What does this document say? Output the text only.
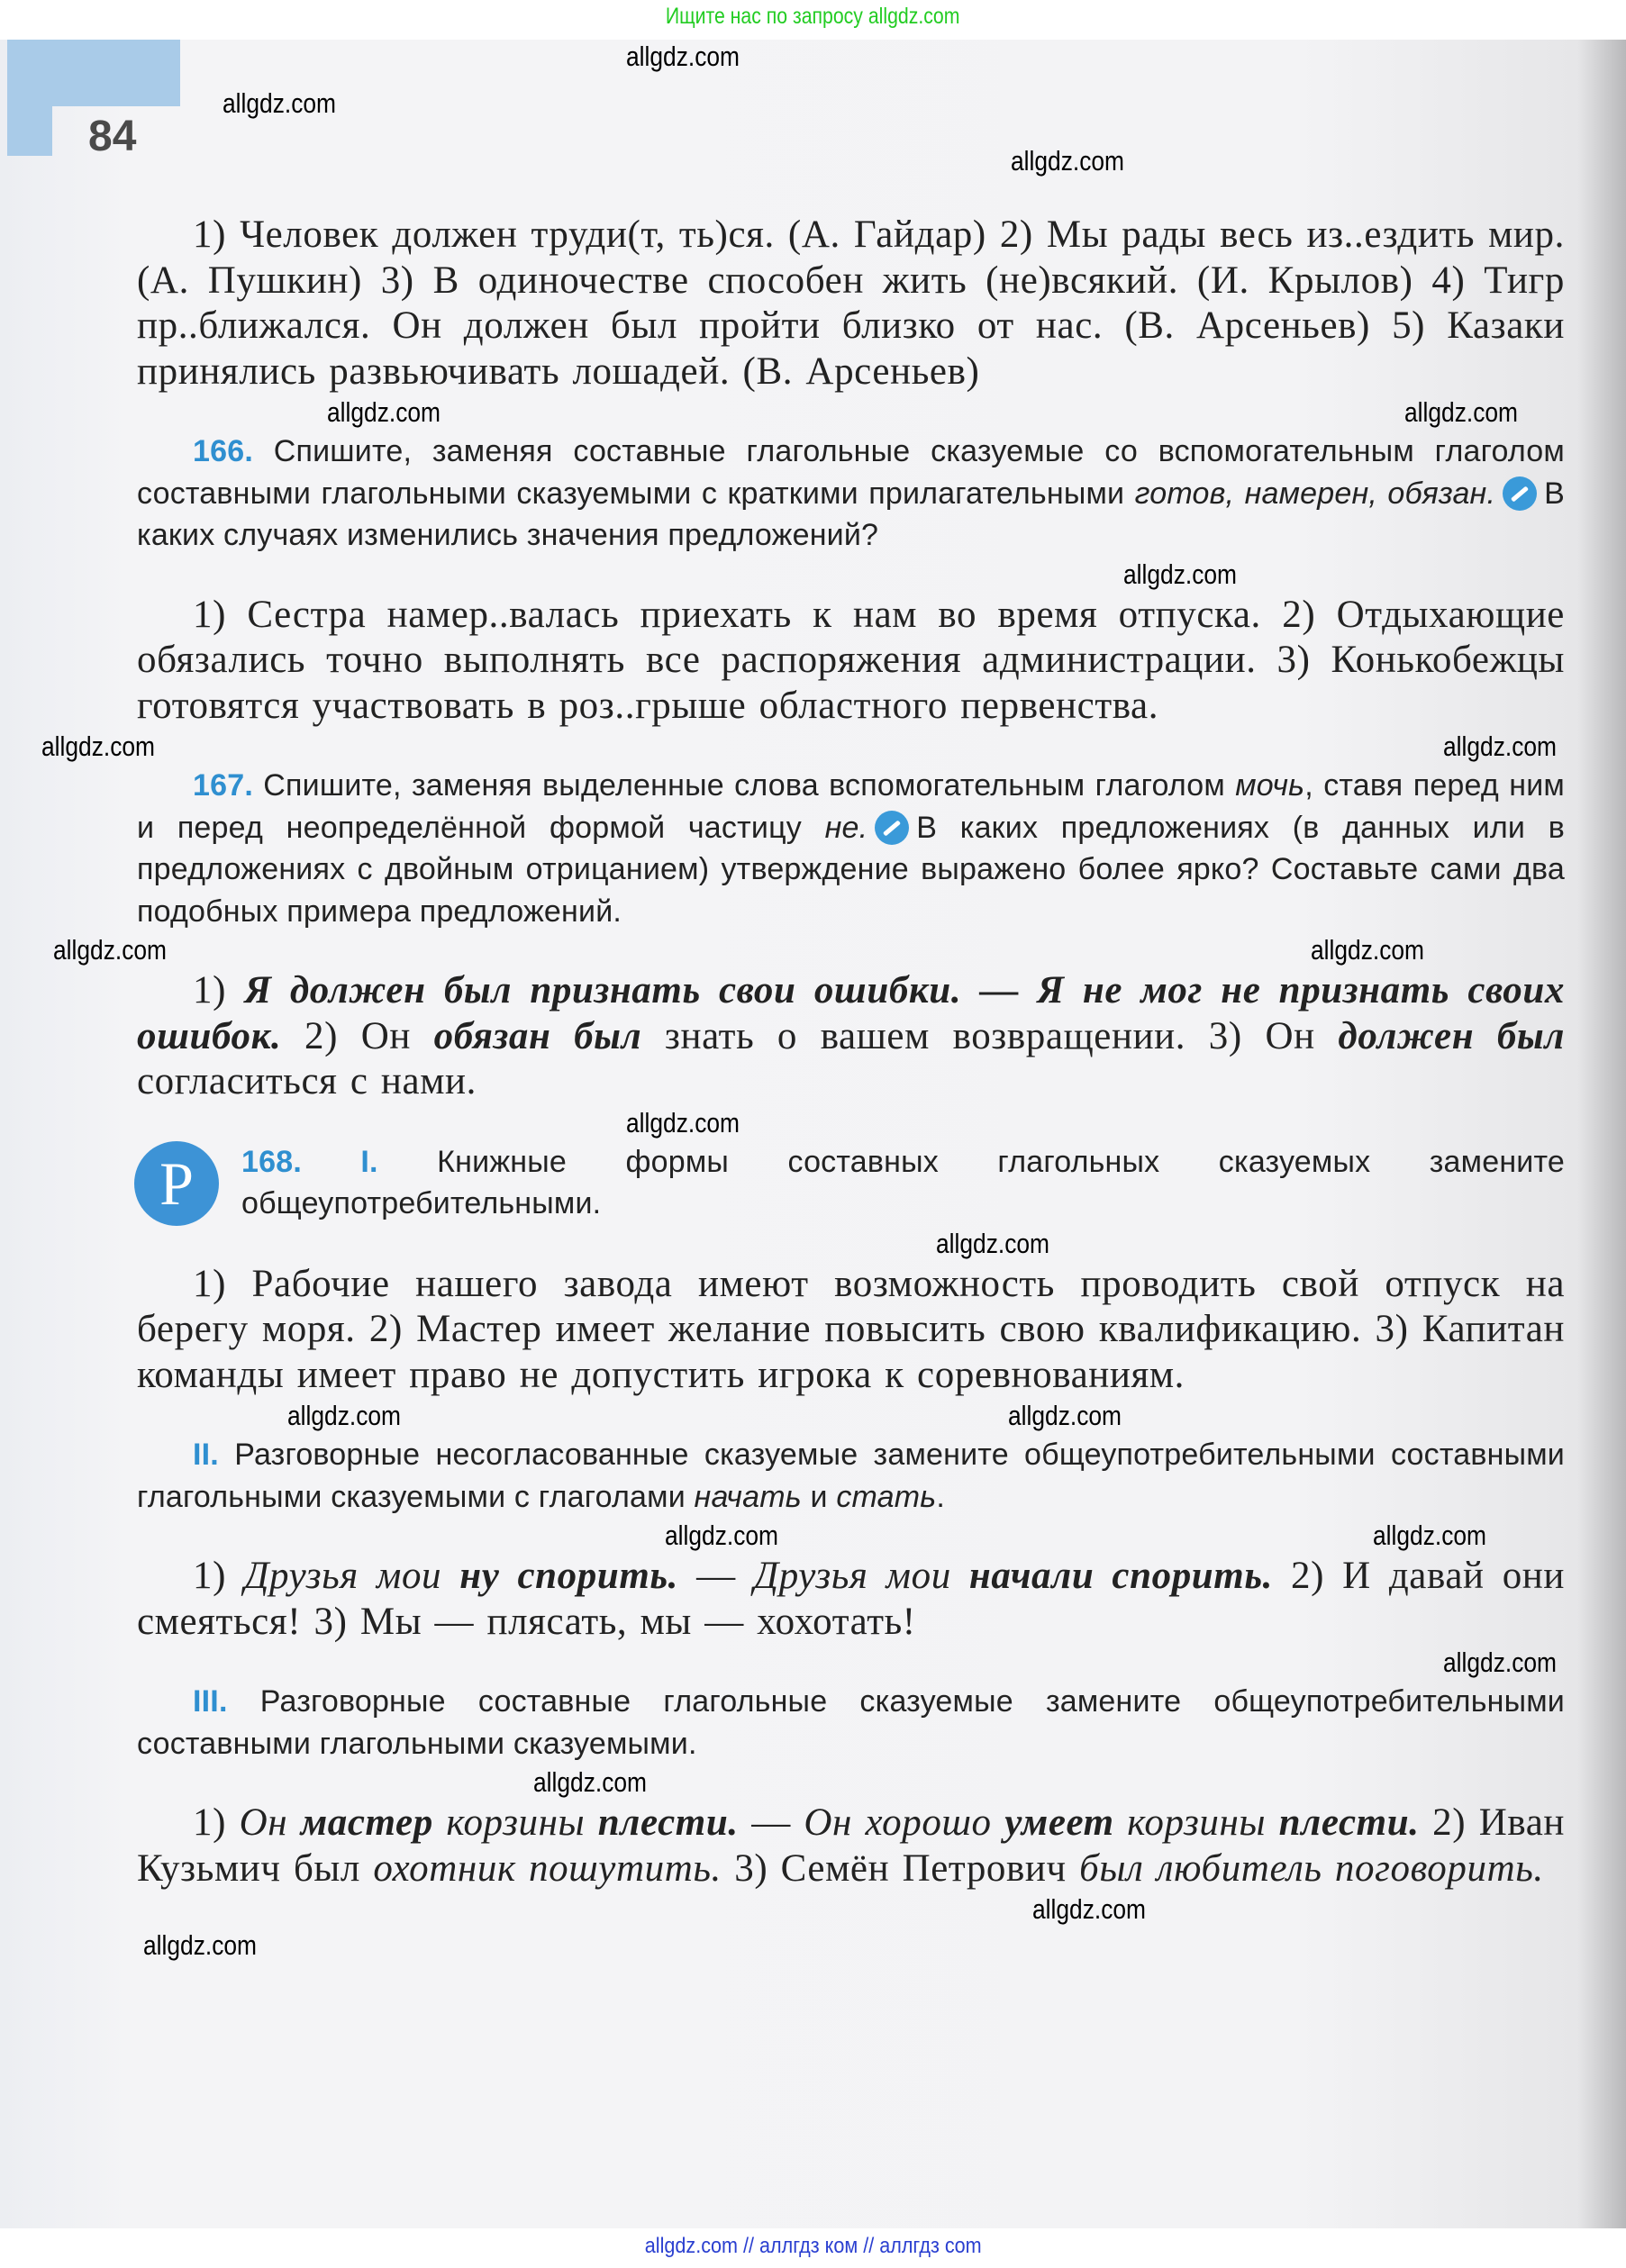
Ищите нас по запросу allgdz.com
84
allgdz.com
allgdz.com
allgdz.com
1) Человек должен труди(т, ть)ся. (А. Гайдар) 2) Мы рады весь из..ездить мир. (А. Пушкин) 3) В одиночестве способен жить (не)всякий. (И. Крылов) 4) Тигр пр..ближался. Он должен был пройти близко от нас. (В. Арсеньев) 5) Казаки принялись развьючивать лошадей. (В. Арсеньев)
allgdz.com
allgdz.com
166. Спишите, заменяя составные глагольные сказуемые со вспомогательным глаголом составными глагольными сказуемыми с краткими прилагательными готов, намерен, обязан. В каких случаях изменились значения предложений?
allgdz.com
1) Сестра намер..валась приехать к нам во время отпуска. 2) Отдыхающие обязались точно выполнять все распоряжения администрации. 3) Конькобежцы готовятся участвовать в роз..грыше областного первенства.
allgdz.com
allgdz.com
167. Спишите, заменяя выделенные слова вспомогательным глаголом мочь, ставя перед ним и перед неопределённой формой частицу не. В каких предложениях (в данных или в предложениях с двойным отрицанием) утверждение выражено более ярко? Составьте сами два подобных примера предложений.
allgdz.com
allgdz.com
1) Я должен был признать свои ошибки. — Я не мог не признать своих ошибок. 2) Он обязан был знать о вашем возвращении. 3) Он должен был согласиться с нами.
allgdz.com
Р	168. I. Книжные формы составных глагольных сказуемых замените общеупотребительными.
allgdz.com
1) Рабочие нашего завода имеют возможность проводить свой отпуск на берегу моря. 2) Мастер имеет желание повысить свою квалификацию. 3) Капитан команды имеет право не допустить игрока к соревнованиям.
allgdz.com
allgdz.com
II. Разговорные несогласованные сказуемые замените общеупотребительными составными глагольными сказуемыми с глаголами начать и стать.
allgdz.com
allgdz.com
1) Друзья мои ну спорить. — Друзья мои начали спорить. 2) И давай они смеяться! 3) Мы — плясать, мы — хохотать!
allgdz.com
III. Разговорные составные глагольные сказуемые замените общеупотребительными составными глагольными сказуемыми.
allgdz.com
1) Он мастер корзины плести. — Он хорошо умеет корзины плести. 2) Иван Кузьмич был охотник пошутить. 3) Семён Петрович был любитель поговорить.
allgdz.com
allgdz.com
allgdz.com // аллгдз ком // аллгдз com
